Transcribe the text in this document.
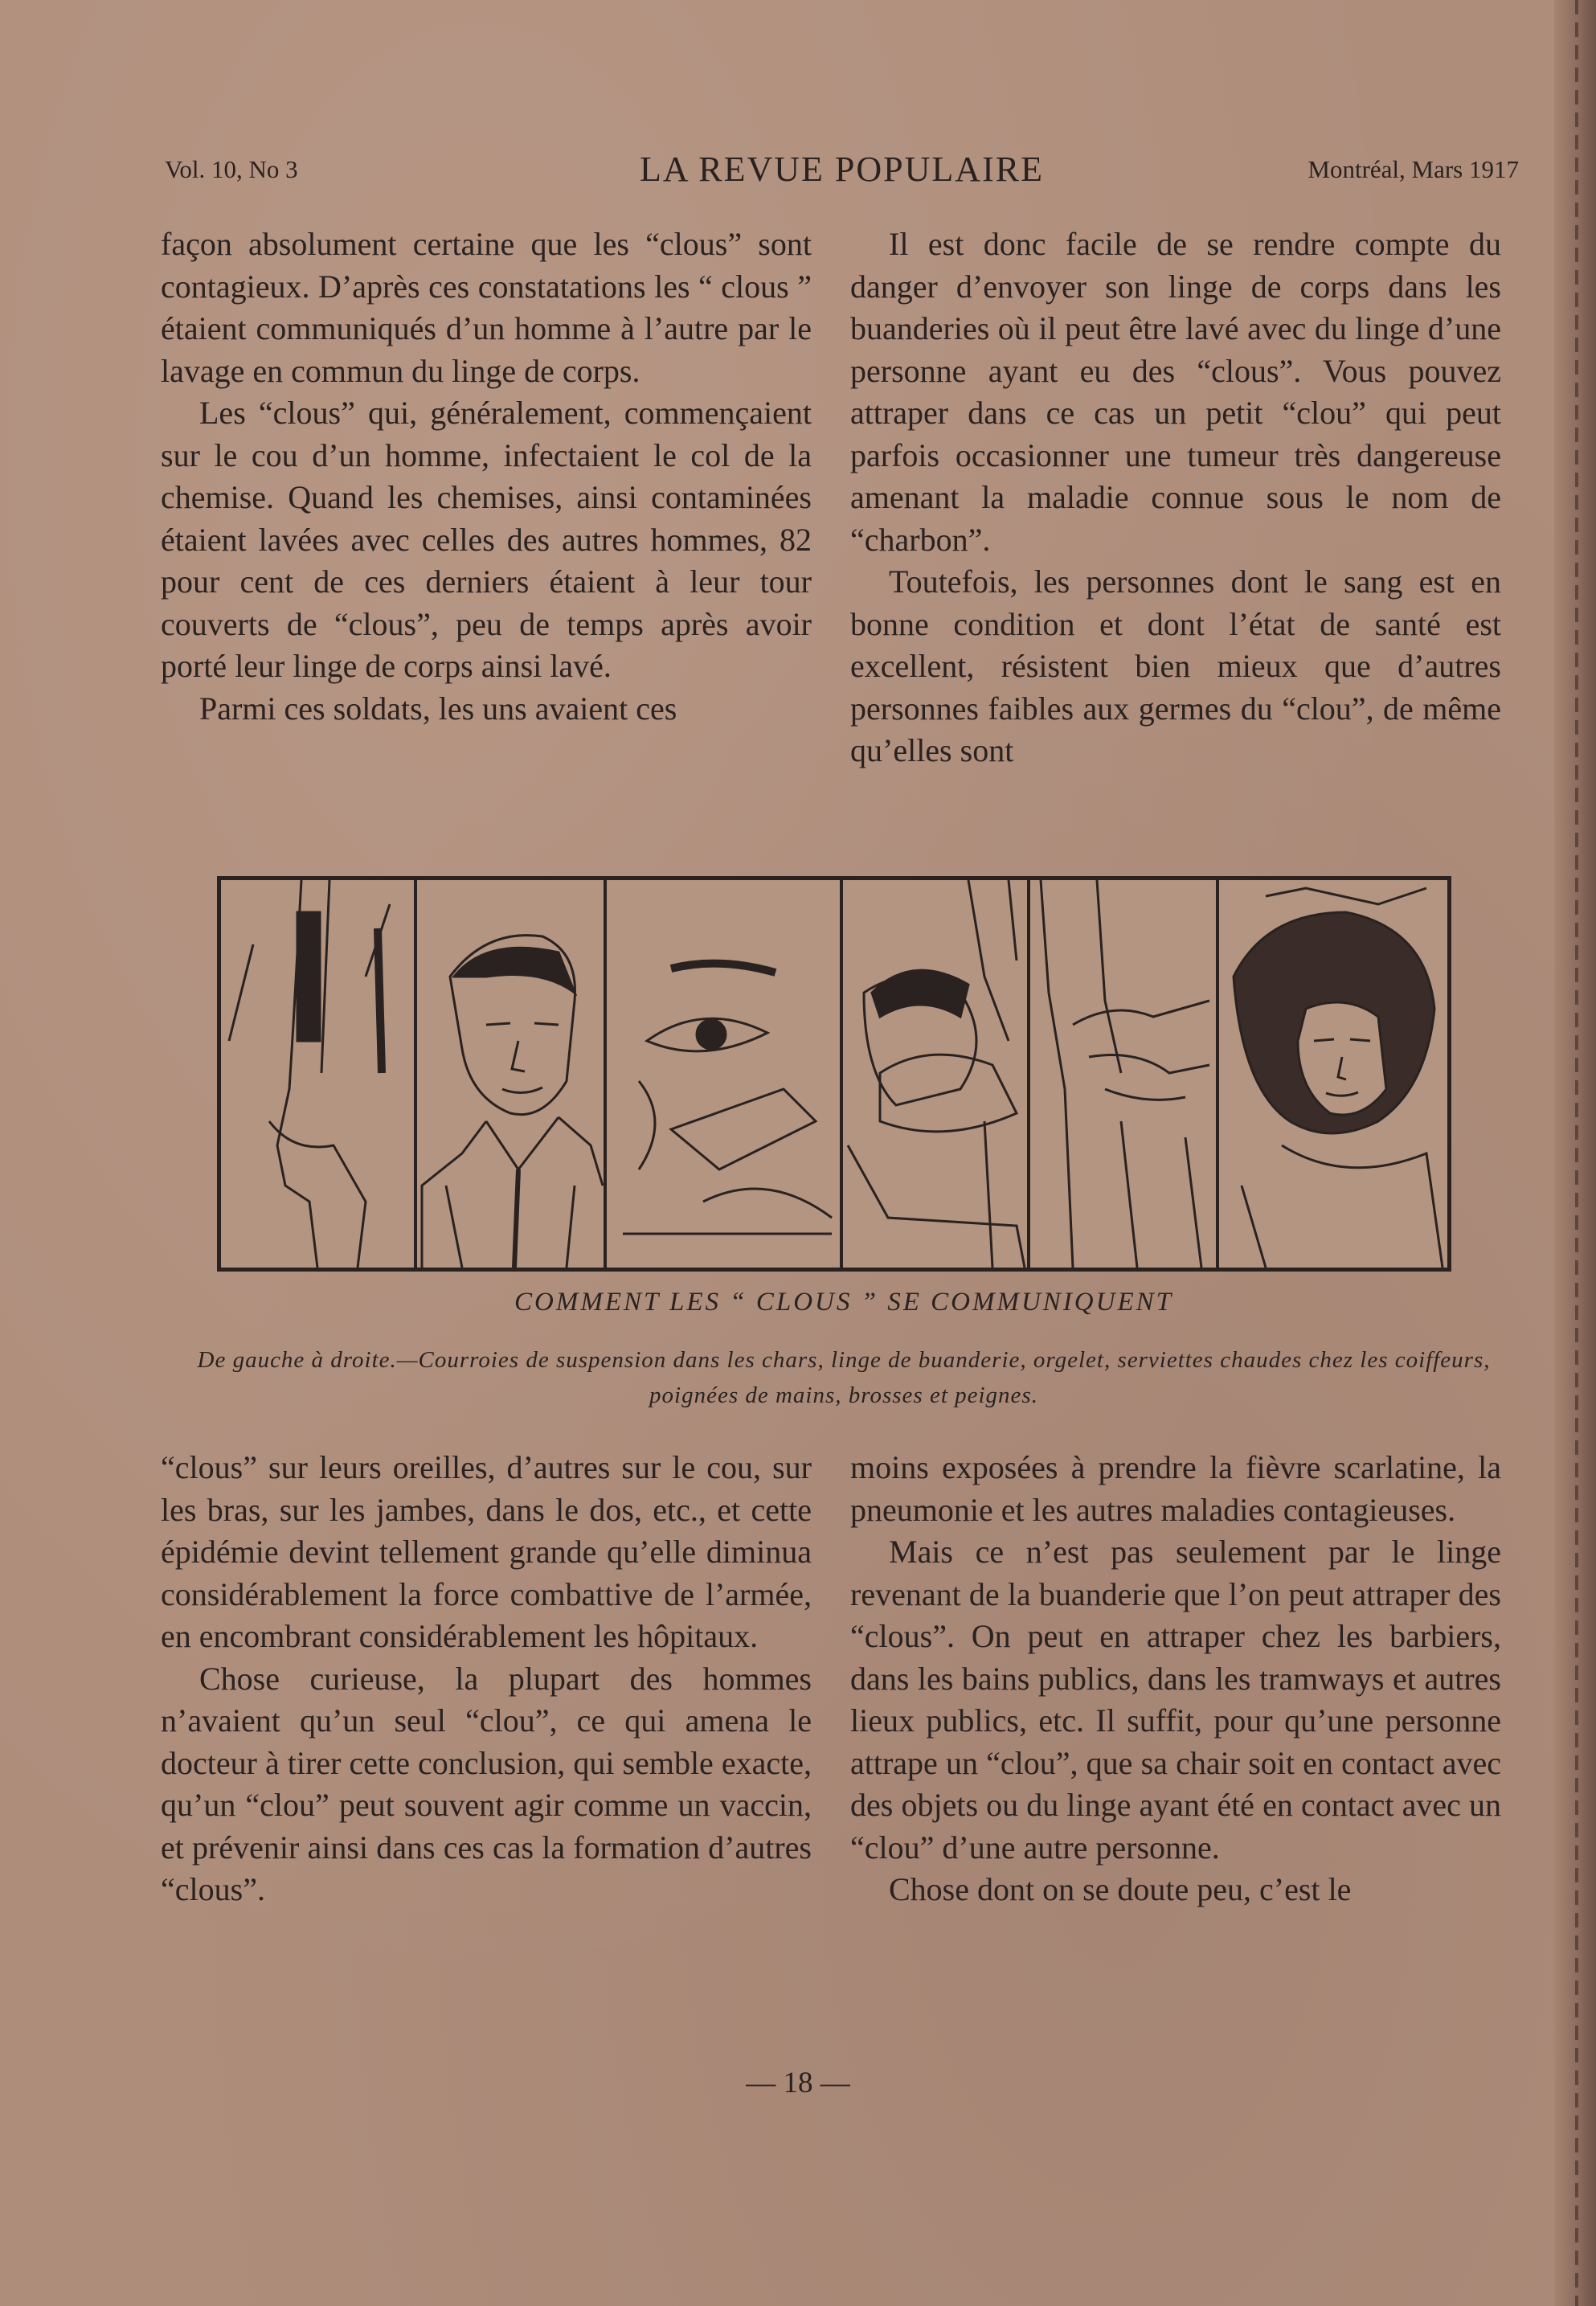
Vol. 10, No 3	LA REVUE POPULAIRE	Montréal, Mars 1917

façon absolument certaine que les “clous” sont contagieux. D’après ces constatations les “ clous ” étaient communiqués d’un homme à l’autre par le lavage en commun du linge de corps.

Les “clous” qui, généralement, commençaient sur le cou d’un homme, infectaient le col de la chemise. Quand les chemises, ainsi contaminées étaient lavées avec celles des autres hommes, 82 pour cent de ces derniers étaient à leur tour couverts de “clous”, peu de temps après avoir porté leur linge de corps ainsi lavé.

Parmi ces soldats, les uns avaient ces

Il est donc facile de se rendre compte du danger d’envoyer son linge de corps dans les buanderies où il peut être lavé avec du linge d’une personne ayant eu des “clous”. Vous pouvez attraper dans ce cas un petit “clou” qui peut parfois occasionner une tumeur très dangereuse amenant la maladie connue sous le nom de “charbon”.

Toutefois, les personnes dont le sang est en bonne condition et dont l’état de santé est excellent, résistent bien mieux que d’autres personnes faibles aux germes du “clou”, de même qu’elles sont

COMMENT LES “ CLOUS ” SE COMMUNIQUENT
De gauche à droite.—Courroies de suspension dans les chars, linge de buanderie, orgelet, serviettes chaudes chez les coiffeurs, poignées de mains, brosses et peignes.

“clous” sur leurs oreilles, d’autres sur le cou, sur les bras, sur les jambes, dans le dos, etc., et cette épidémie devint tellement grande qu’elle diminua considérablement la force combattive de l’armée, en encombrant considérablement les hôpitaux.

Chose curieuse, la plupart des hommes n’avaient qu’un seul “clou”, ce qui amena le docteur à tirer cette conclusion, qui semble exacte, qu’un “clou” peut souvent agir comme un vaccin, et prévenir ainsi dans ces cas la formation d’autres “clous”.

moins exposées à prendre la fièvre scarlatine, la pneumonie et les autres maladies contagieuses.

Mais ce n’est pas seulement par le linge revenant de la buanderie que l’on peut attraper des “clous”. On peut en attraper chez les barbiers, dans les bains publics, dans les tramways et autres lieux publics, etc. Il suffit, pour qu’une personne attrape un “clou”, que sa chair soit en contact avec des objets ou du linge ayant été en contact avec un “clou” d’une autre personne.

Chose dont on se doute peu, c’est le

— 18 —
